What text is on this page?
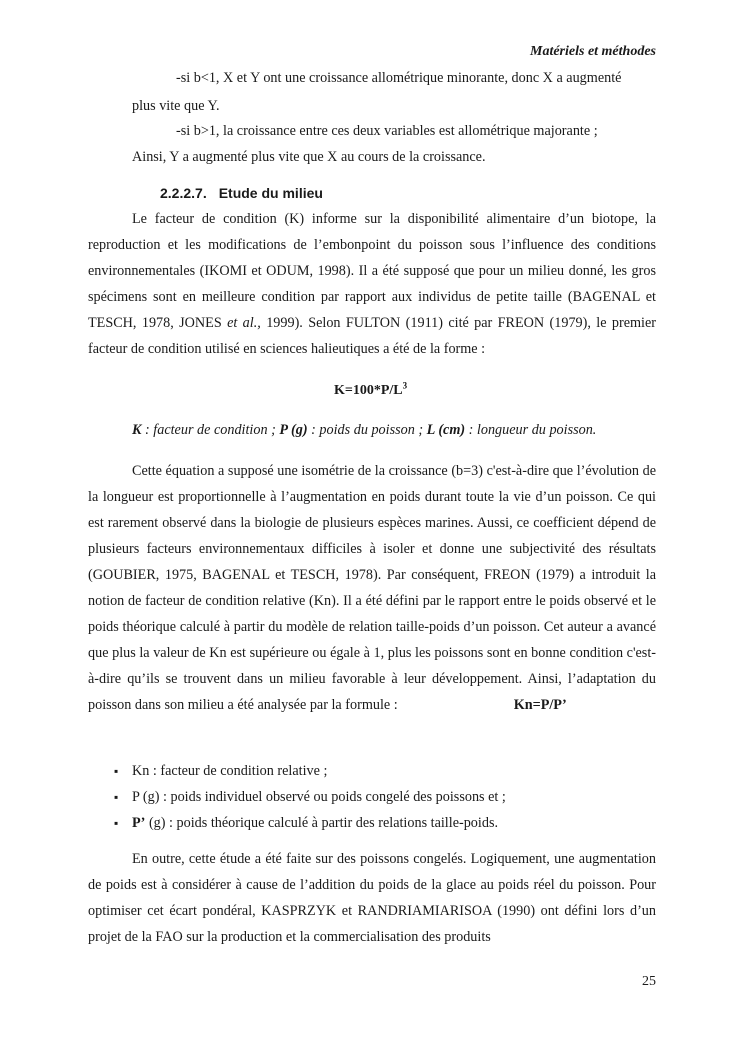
Matériels et méthodes
-si b<1, X et Y ont une croissance allométrique minorante, donc X a augmenté
plus vite que Y.
-si b>1, la croissance entre ces deux variables est allométrique majorante ;
Ainsi, Y a augmenté plus vite que X au cours de la croissance.
2.2.2.7. Etude du milieu
Le facteur de condition (K) informe sur la disponibilité alimentaire d’un biotope, la reproduction et les modifications de l’embonpoint du poisson sous l’influence des conditions environnementales (IKOMI et ODUM, 1998). Il a été supposé que pour un milieu donné, les gros spécimens sont en meilleure condition par rapport aux individus de petite taille (BAGENAL et TESCH, 1978, JONES et al., 1999). Selon FULTON (1911) cité par FREON (1979), le premier facteur de condition utilisé en sciences halieutiques a été de la forme :
$K=100*P/L^3$
K : facteur de condition ; P (g) : poids du poisson ; L (cm) : longueur du poisson.
Cette équation a supposé une isométrie de la croissance (b=3) c'est-à-dire que l’évolution de la longueur est proportionnelle à l’augmentation en poids durant toute la vie d’un poisson. Ce qui est rarement observé dans la biologie de plusieurs espèces marines. Aussi, ce coefficient dépend de plusieurs facteurs environnementaux difficiles à isoler et donne une subjectivité des résultats (GOUBIER, 1975, BAGENAL et TESCH, 1978). Par conséquent, FREON (1979) a introduit la notion de facteur de condition relative (Kn). Il a été défini par le rapport entre le poids observé et le poids théorique calculé à partir du modèle de relation taille-poids d’un poisson. Cet auteur a avancé que plus la valeur de Kn est supérieure ou égale à 1, plus les poissons sont en bonne condition c'est-à-dire qu’ils se trouvent dans un milieu favorable à leur développement. Ainsi, l’adaptation du poisson dans son milieu a été analysée par la formule :	Kn=P/P’
▪ Kn : facteur de condition relative ;
▪ P (g) : poids individuel observé ou poids congelé des poissons et ;
▪ P’ (g) : poids théorique calculé à partir des relations taille-poids.
En outre, cette étude a été faite sur des poissons congelés. Logiquement, une augmentation de poids est à considérer à cause de l’addition du poids de la glace au poids réel du poisson. Pour optimiser cet écart pondéral, KASPRZYK et RANDRIAMIARISOA (1990) ont défini lors d’un projet de la FAO sur la production et la commercialisation des produits
25
